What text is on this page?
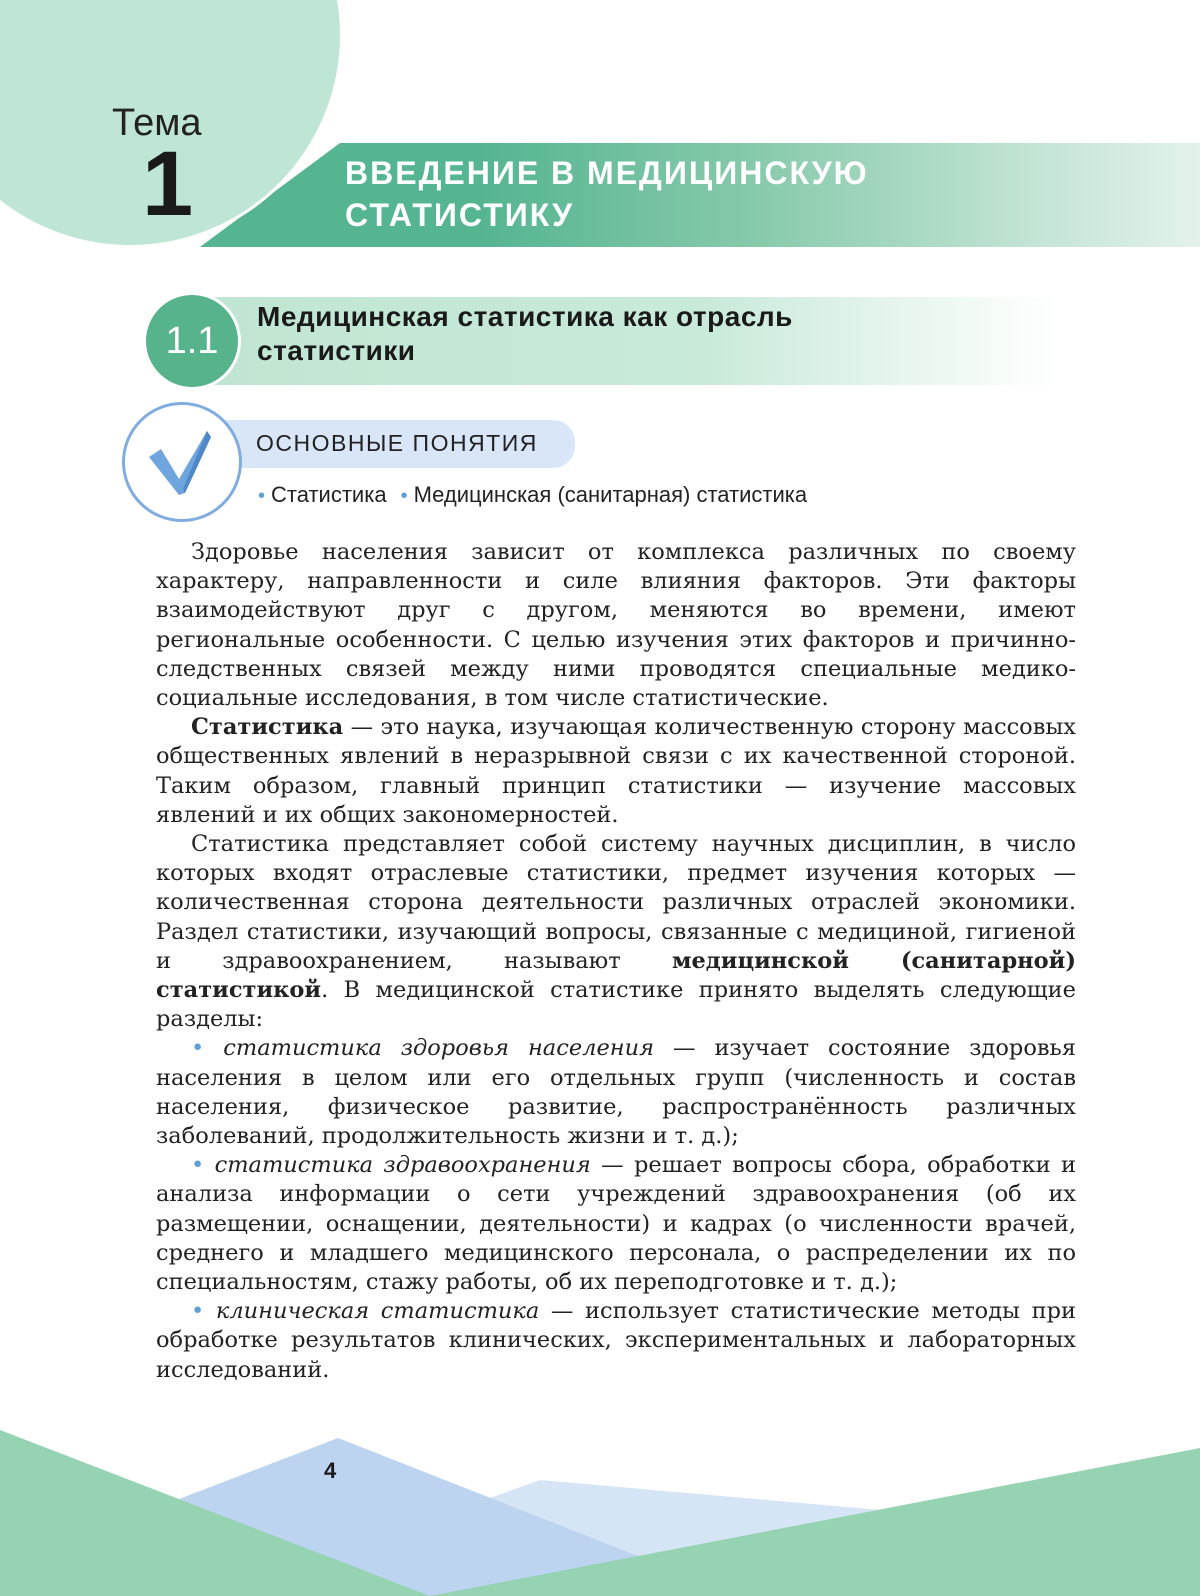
Тема
1	ВВЕДЕНИЕ В МЕДИЦИНСКУЮ
СТАТИСТИКУ
1.1
Медицинская статистика как отрасль
статистики
ОСНОВНЫЕ ПОНЯТИЯ
• Статистика • Медицинская (санитарная) статистика

Здоровье населения зависит от комплекса различных по своему характеру, направленности и силе влияния факторов. Эти факторы взаимодействуют друг с другом, меняются во времени, имеют региональные особенности. С целью изучения этих факторов и причинно-следственных связей между ними проводятся специальные медико-социальные исследования, в том числе статистические.

Статистика — это наука, изучающая количественную сторону массовых общественных явлений в неразрывной связи с их качественной стороной. Таким образом, главный принцип статистики — изучение массовых явлений и их общих закономерностей.

Статистика представляет собой систему научных дисциплин, в число которых входят отраслевые статистики, предмет изучения которых — количественная сторона деятельности различных отраслей экономики. Раздел статистики, изучающий вопросы, связанные с медициной, гигиеной и здравоохранением, называют медицинской (санитарной) статистикой. В медицинской статистике принято выделять следующие разделы:

• статистика здоровья населения — изучает состояние здоровья населения в целом или его отдельных групп (численность и состав населения, физическое развитие, распространённость различных заболеваний, продолжительность жизни и т. д.);

• статистика здравоохранения — решает вопросы сбора, обработки и анализа информации о сети учреждений здравоохранения (об их размещении, оснащении, деятельности) и кадрах (о численности врачей, среднего и младшего медицинского персонала, о распределении их по специальностям, стажу работы, об их переподготовке и т. д.);

• клиническая статистика — использует статистические методы при обработке результатов клинических, экспериментальных и лабораторных исследований.

4
